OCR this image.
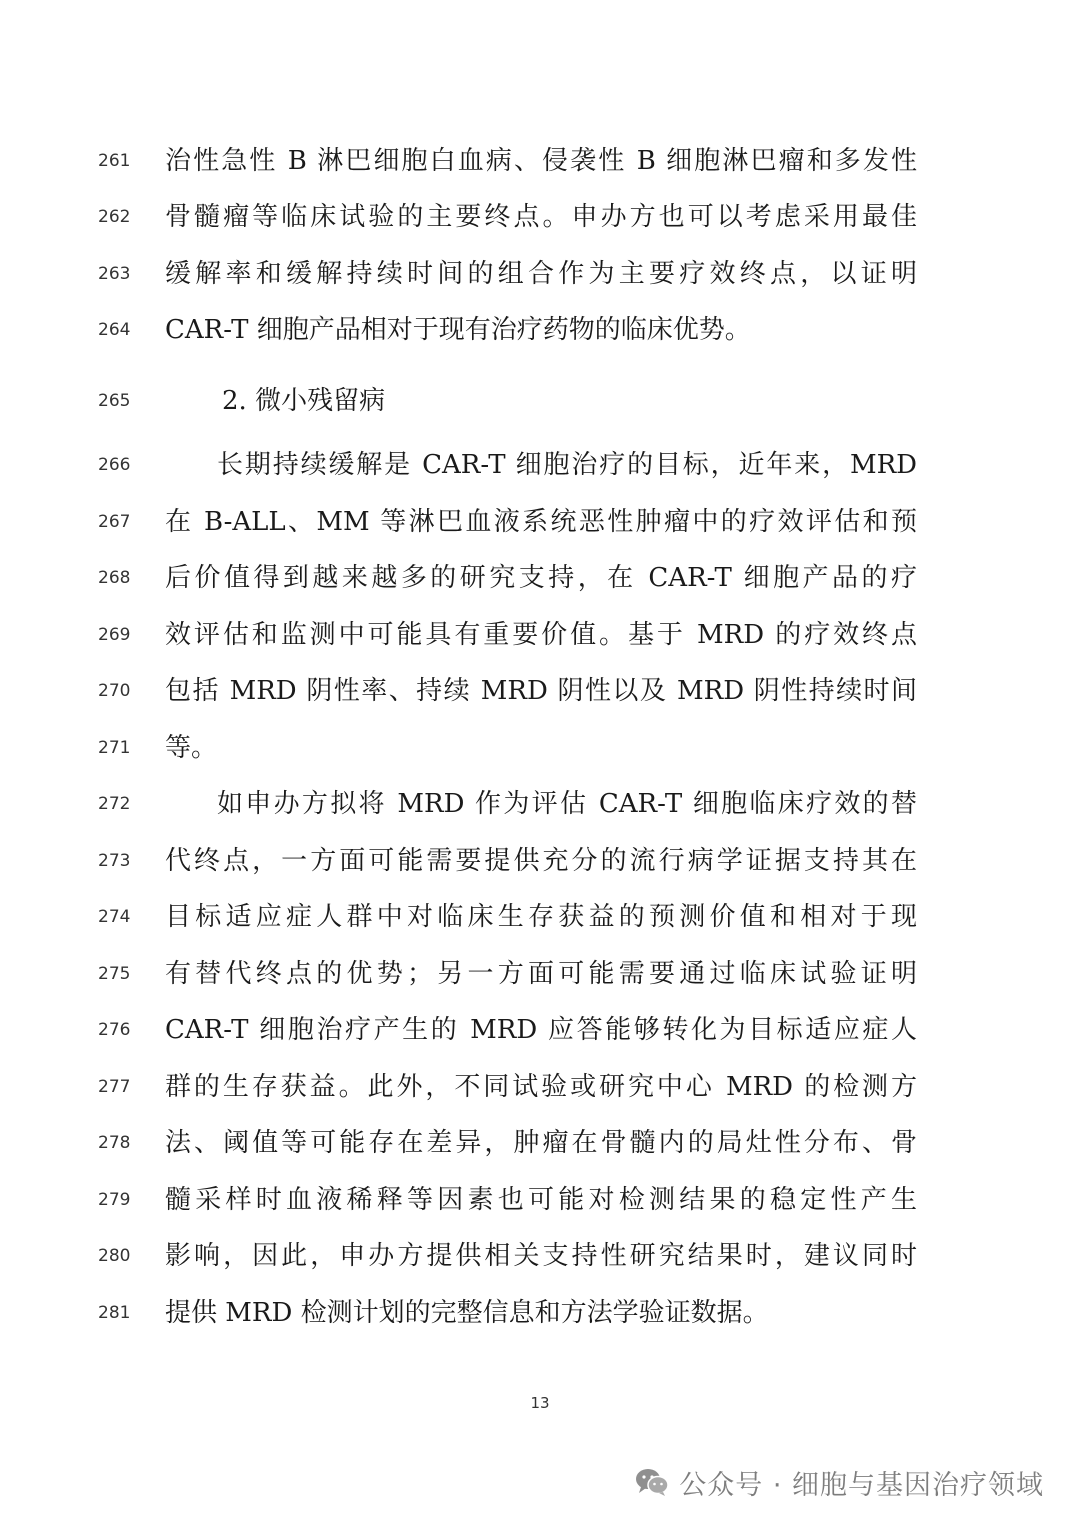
261 治性急性 B 淋巴细胞白血病、侵袭性 B 细胞淋巴瘤和多发性
262 骨髓瘤等临床试验的主要终点。申办方也可以考虑采用最佳
263 缓解率和缓解持续时间的组合作为主要疗效终点，以证明
264 CAR-T 细胞产品相对于现有治疗药物的临床优势。
265	2. 微小残留病
266	长期持续缓解是 CAR-T 细胞治疗的目标，近年来，MRD
267 在 B-ALL、MM 等淋巴血液系统恶性肿瘤中的疗效评估和预
268 后价值得到越来越多的研究支持，在 CAR-T 细胞产品的疗
269 效评估和监测中可能具有重要价值。基于 MRD 的疗效终点
270 包括 MRD 阴性率、持续 MRD 阴性以及 MRD 阴性持续时间
271 等。
272	如申办方拟将 MRD 作为评估 CAR-T 细胞临床疗效的替
273 代终点，一方面可能需要提供充分的流行病学证据支持其在
274 目标适应症人群中对临床生存获益的预测价值和相对于现
275 有替代终点的优势；另一方面可能需要通过临床试验证明
276 CAR-T 细胞治疗产生的 MRD 应答能够转化为目标适应症人
277 群的生存获益。此外，不同试验或研究中心 MRD 的检测方
278 法、阈值等可能存在差异，肿瘤在骨髓内的局灶性分布、骨
279 髓采样时血液稀释等因素也可能对检测结果的稳定性产生
280 影响，因此，申办方提供相关支持性研究结果时，建议同时
281 提供 MRD 检测计划的完整信息和方法学验证数据。
13
公众号 · 细胞与基因治疗领域
